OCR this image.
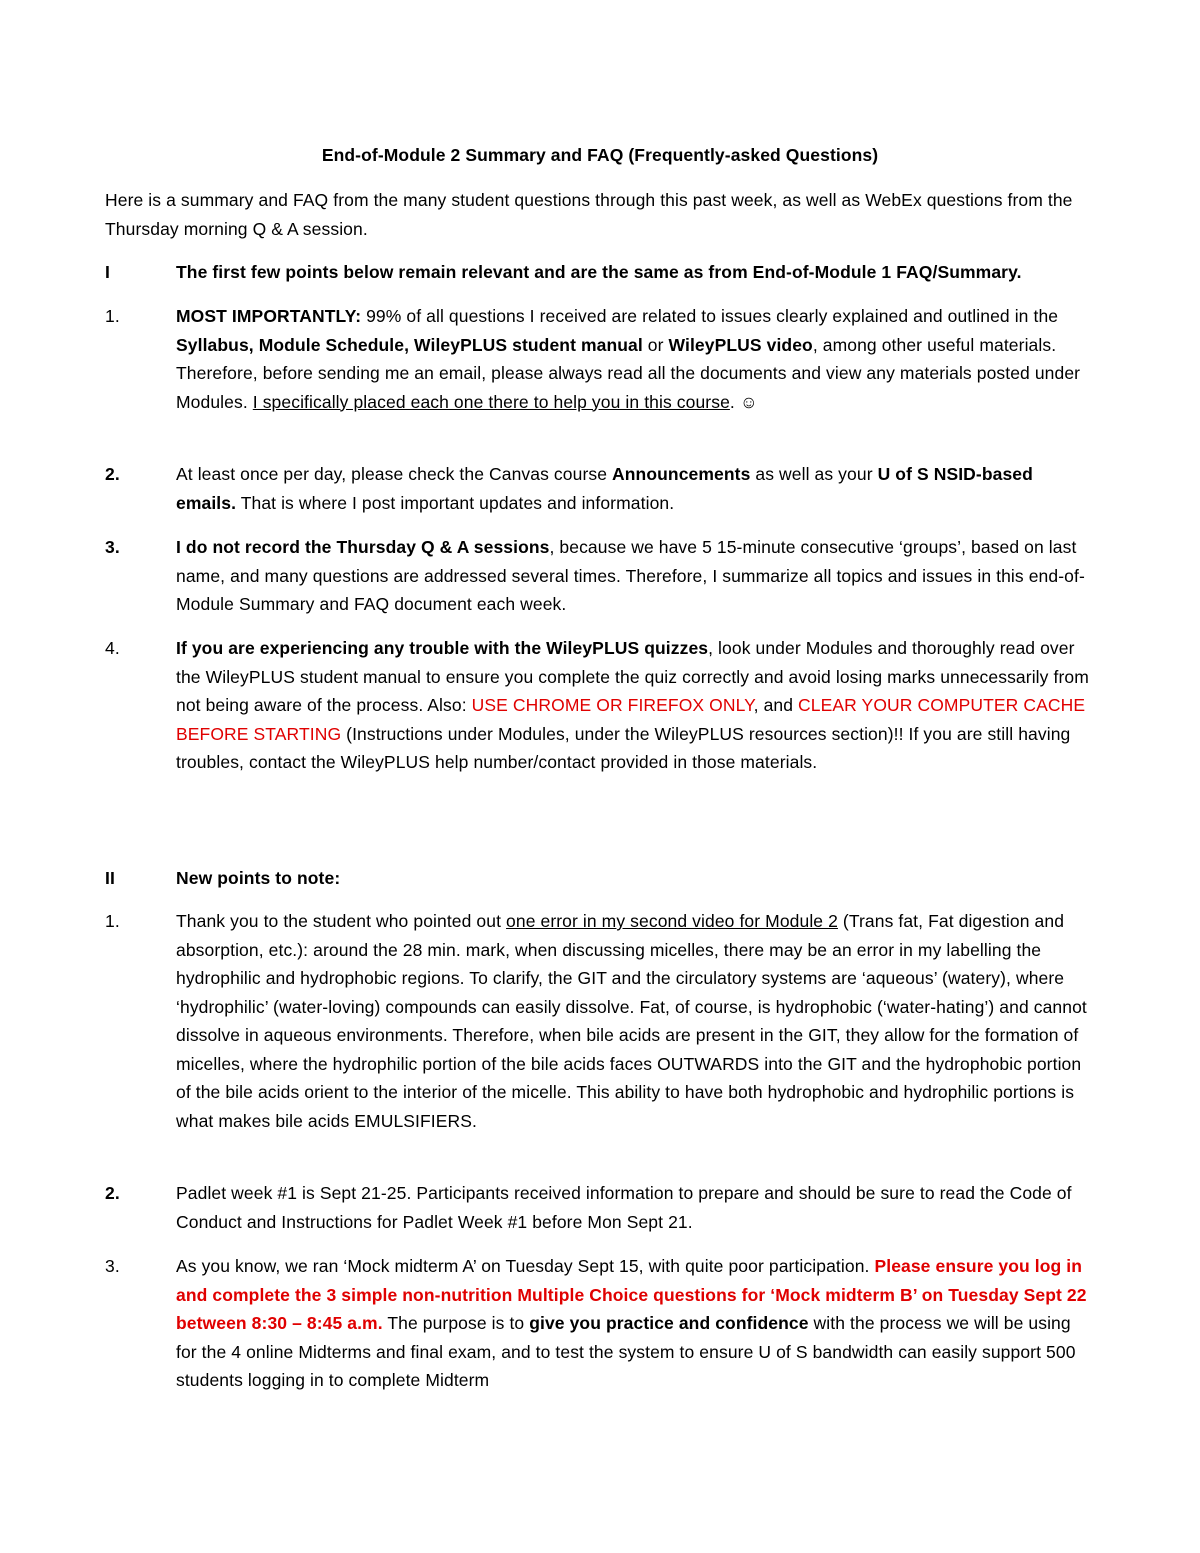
End-of-Module 2 Summary and FAQ (Frequently-asked Questions)
Here is a summary and FAQ from the many student questions through this past week, as well as WebEx questions from the Thursday morning Q & A session.
I	The first few points below remain relevant and are the same as from End-of-Module 1 FAQ/Summary.
1.	MOST IMPORTANTLY: 99% of all questions I received are related to issues clearly explained and outlined in the Syllabus, Module Schedule, WileyPLUS student manual or WileyPLUS video, among other useful materials. Therefore, before sending me an email, please always read all the documents and view any materials posted under Modules. I specifically placed each one there to help you in this course. ☺
2.	At least once per day, please check the Canvas course Announcements as well as your U of S NSID-based emails. That is where I post important updates and information.
3.	I do not record the Thursday Q & A sessions, because we have 5 15-minute consecutive ‘groups’, based on last name, and many questions are addressed several times. Therefore, I summarize all topics and issues in this end-of-Module Summary and FAQ document each week.
4.	If you are experiencing any trouble with the WileyPLUS quizzes, look under Modules and thoroughly read over the WileyPLUS student manual to ensure you complete the quiz correctly and avoid losing marks unnecessarily from not being aware of the process. Also: USE CHROME OR FIREFOX ONLY, and CLEAR YOUR COMPUTER CACHE BEFORE STARTING (Instructions under Modules, under the WileyPLUS resources section)!! If you are still having troubles, contact the WileyPLUS help number/contact provided in those materials.
II	New points to note:
1.	Thank you to the student who pointed out one error in my second video for Module 2 (Trans fat, Fat digestion and absorption, etc.): around the 28 min. mark, when discussing micelles, there may be an error in my labelling the hydrophilic and hydrophobic regions. To clarify, the GIT and the circulatory systems are ‘aqueous’ (watery), where ‘hydrophilic’ (water-loving) compounds can easily dissolve. Fat, of course, is hydrophobic (‘water-hating’) and cannot dissolve in aqueous environments. Therefore, when bile acids are present in the GIT, they allow for the formation of micelles, where the hydrophilic portion of the bile acids faces OUTWARDS into the GIT and the hydrophobic portion of the bile acids orient to the interior of the micelle. This ability to have both hydrophobic and hydrophilic portions is what makes bile acids EMULSIFIERS.
2.	Padlet week #1 is Sept 21-25. Participants received information to prepare and should be sure to read the Code of Conduct and Instructions for Padlet Week #1 before Mon Sept 21.
3.	As you know, we ran ‘Mock midterm A’ on Tuesday Sept 15, with quite poor participation. Please ensure you log in and complete the 3 simple non-nutrition Multiple Choice questions for ‘Mock midterm B’ on Tuesday Sept 22 between 8:30 – 8:45 a.m. The purpose is to give you practice and confidence with the process we will be using for the 4 online Midterms and final exam, and to test the system to ensure U of S bandwidth can easily support 500 students logging in to complete Midterm
